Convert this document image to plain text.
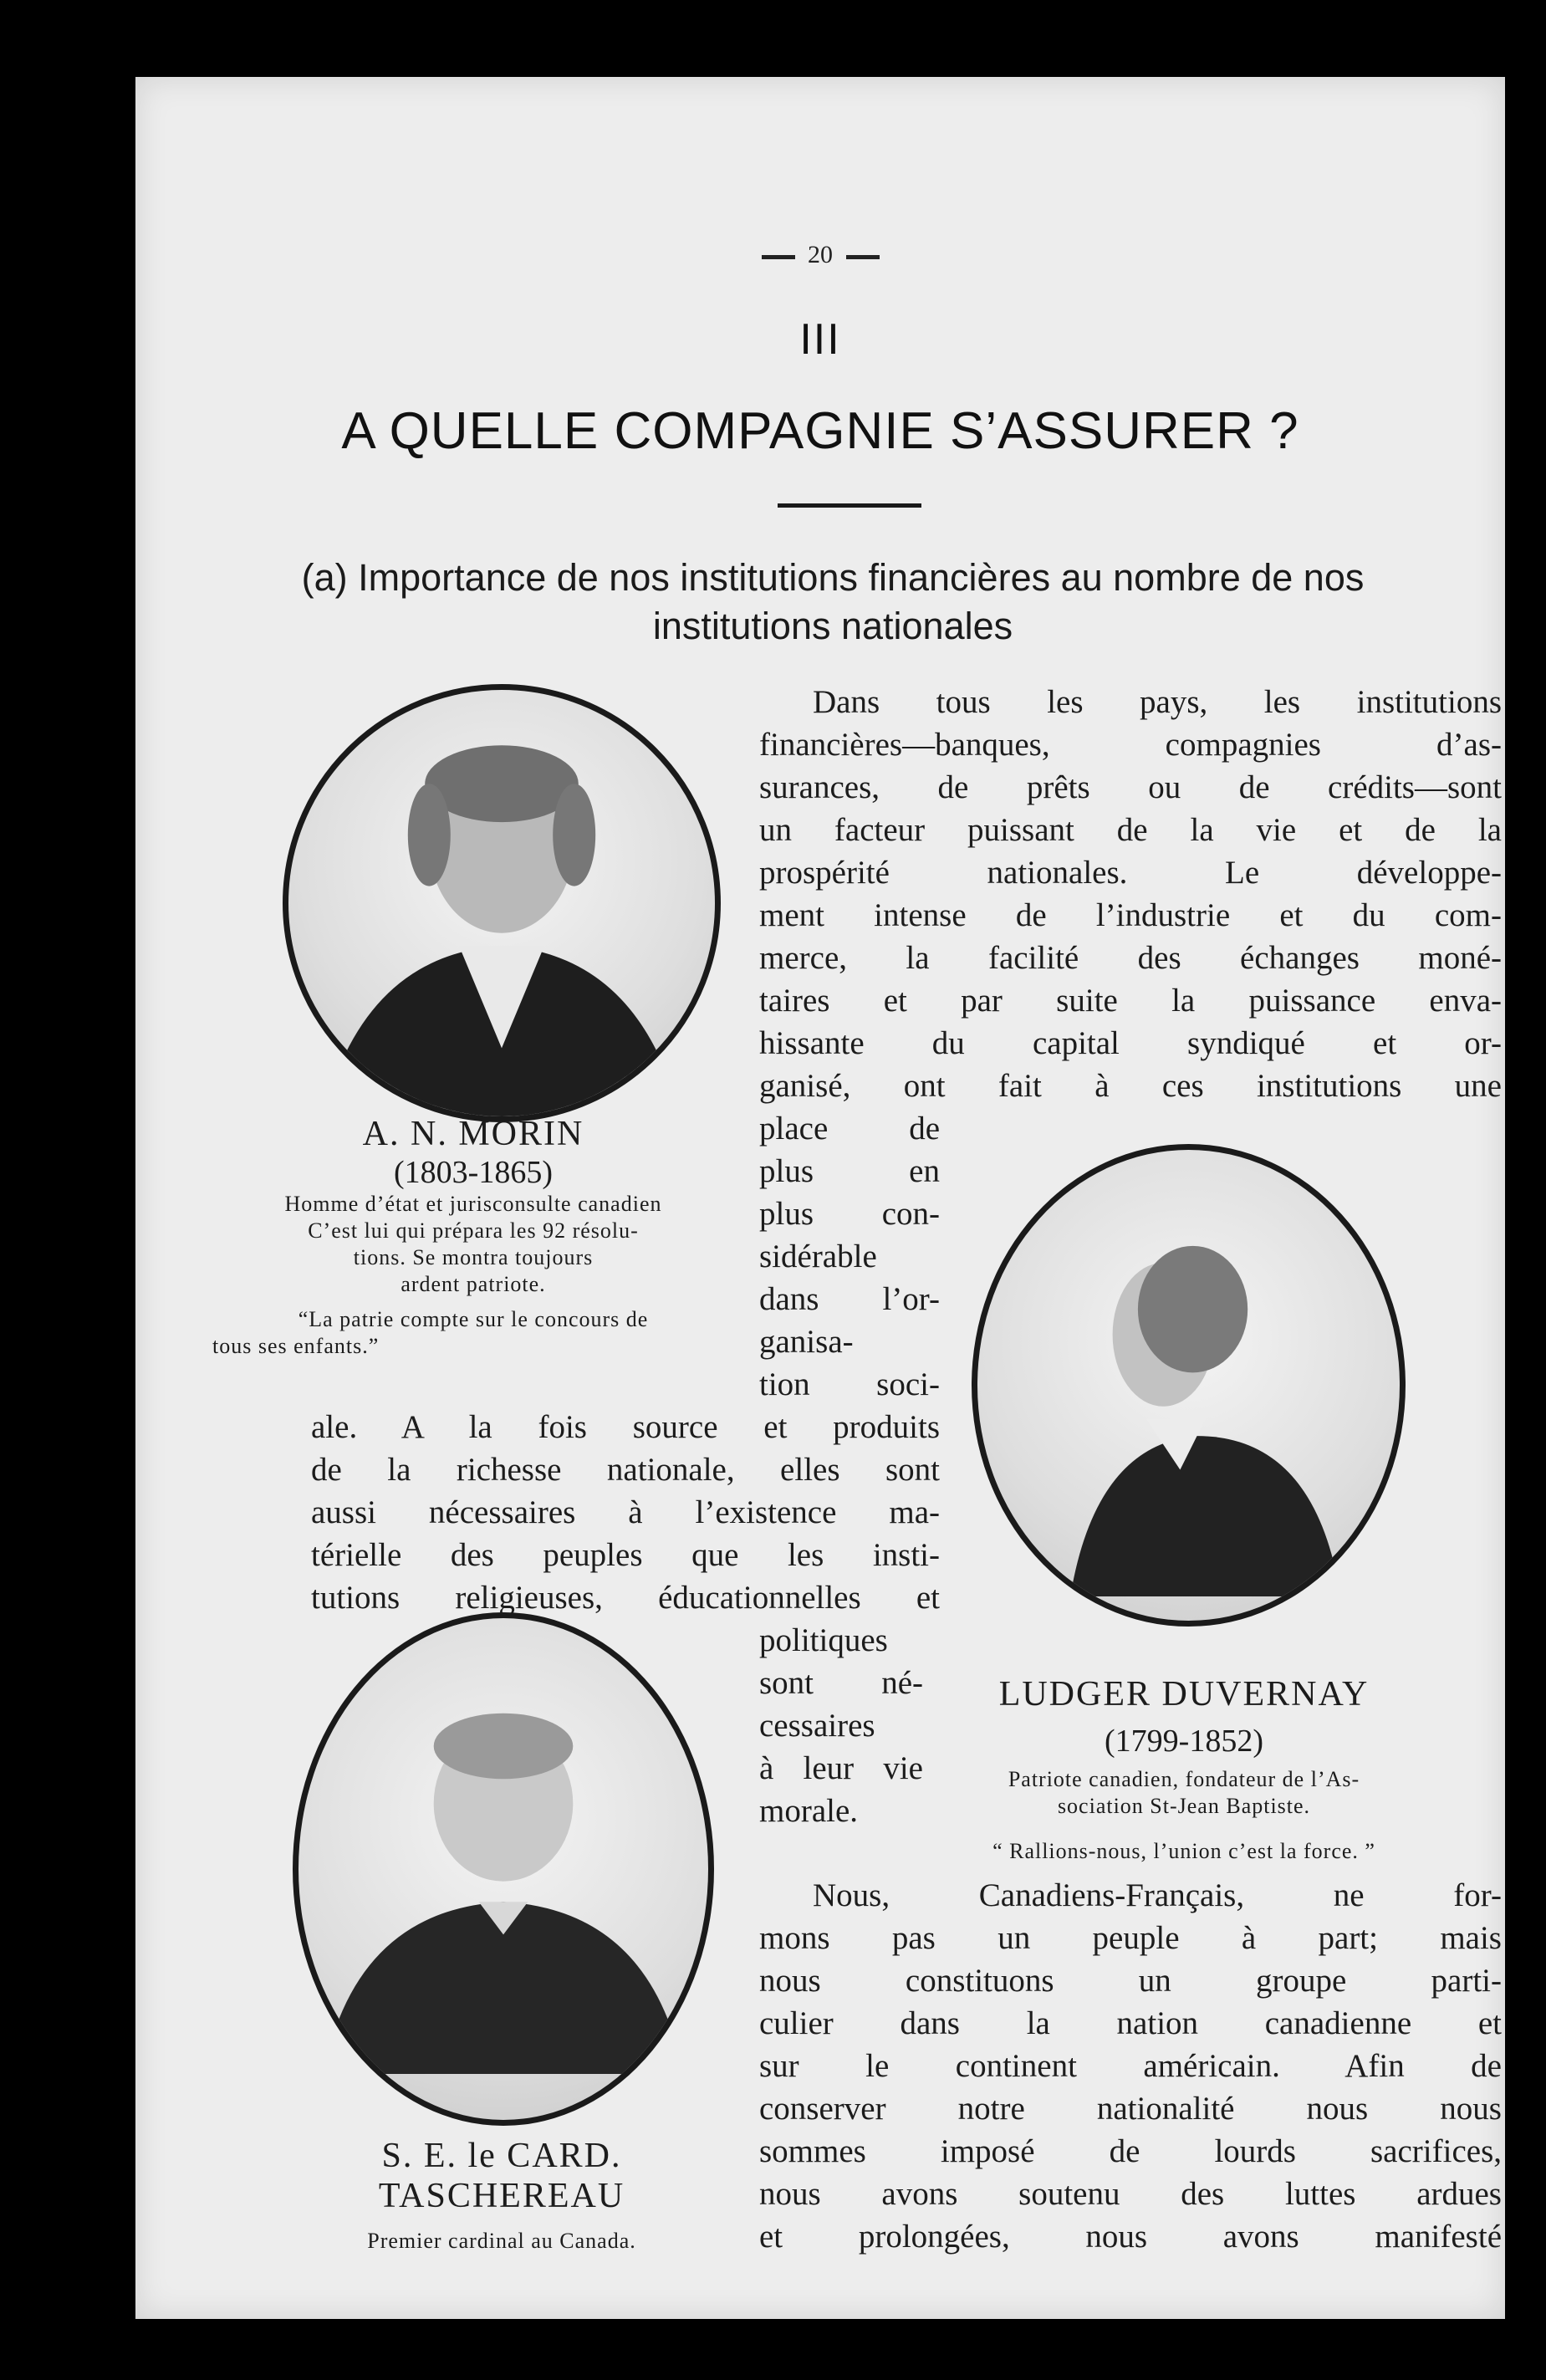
20
III
A QUELLE COMPAGNIE S’ASSURER ?
(a) Importance de nos institutions financières au nombre de nos institutions nationales
A. N. MORIN
(1803-1865)
Homme d’état et jurisconsulte canadien
C’est lui qui prépara les 92 résolu-
tions. Se montra toujours
ardent patriote.
“La patrie compte sur le concours de
tous ses enfants.”
LUDGER DUVERNAY
(1799-1852)
Patriote canadien, fondateur de l’As-
sociation St-Jean Baptiste.
“ Rallions-nous, l’union c’est la force. ”
S. E. le CARD. TASCHEREAU
Premier cardinal au Canada.

Dans tous les pays, les institutions

financières—banques, compagnies d’as-

surances, de prêts ou de crédits—sont

un facteur puissant de la vie et de la

prospérité nationales. Le développe-

ment intense de l’industrie et du com-

merce, la facilité des échanges moné-

taires et par suite la puissance enva-

hissante du capital syndiqué et or-

ganisé, ont fait à ces institutions une

place de

plus en

plus con-

sidérable

dans l’or-

ganisa-

tion soci-

ale. A la fois source et produits

de la richesse nationale, elles sont

aussi nécessaires à l’existence ma-

térielle des peuples que les insti-

tutions religieuses, éducationnelles et

politiques

sont né-

cessaires

à leur vie

morale.

Nous, Canadiens-Français, ne for-

mons pas un peuple à part; mais

nous constituons un groupe parti-

culier dans la nation canadienne et

sur le continent américain. Afin de

conserver notre nationalité nous nous

sommes imposé de lourds sacrifices,

nous avons soutenu des luttes ardues

et prolongées, nous avons manifesté
